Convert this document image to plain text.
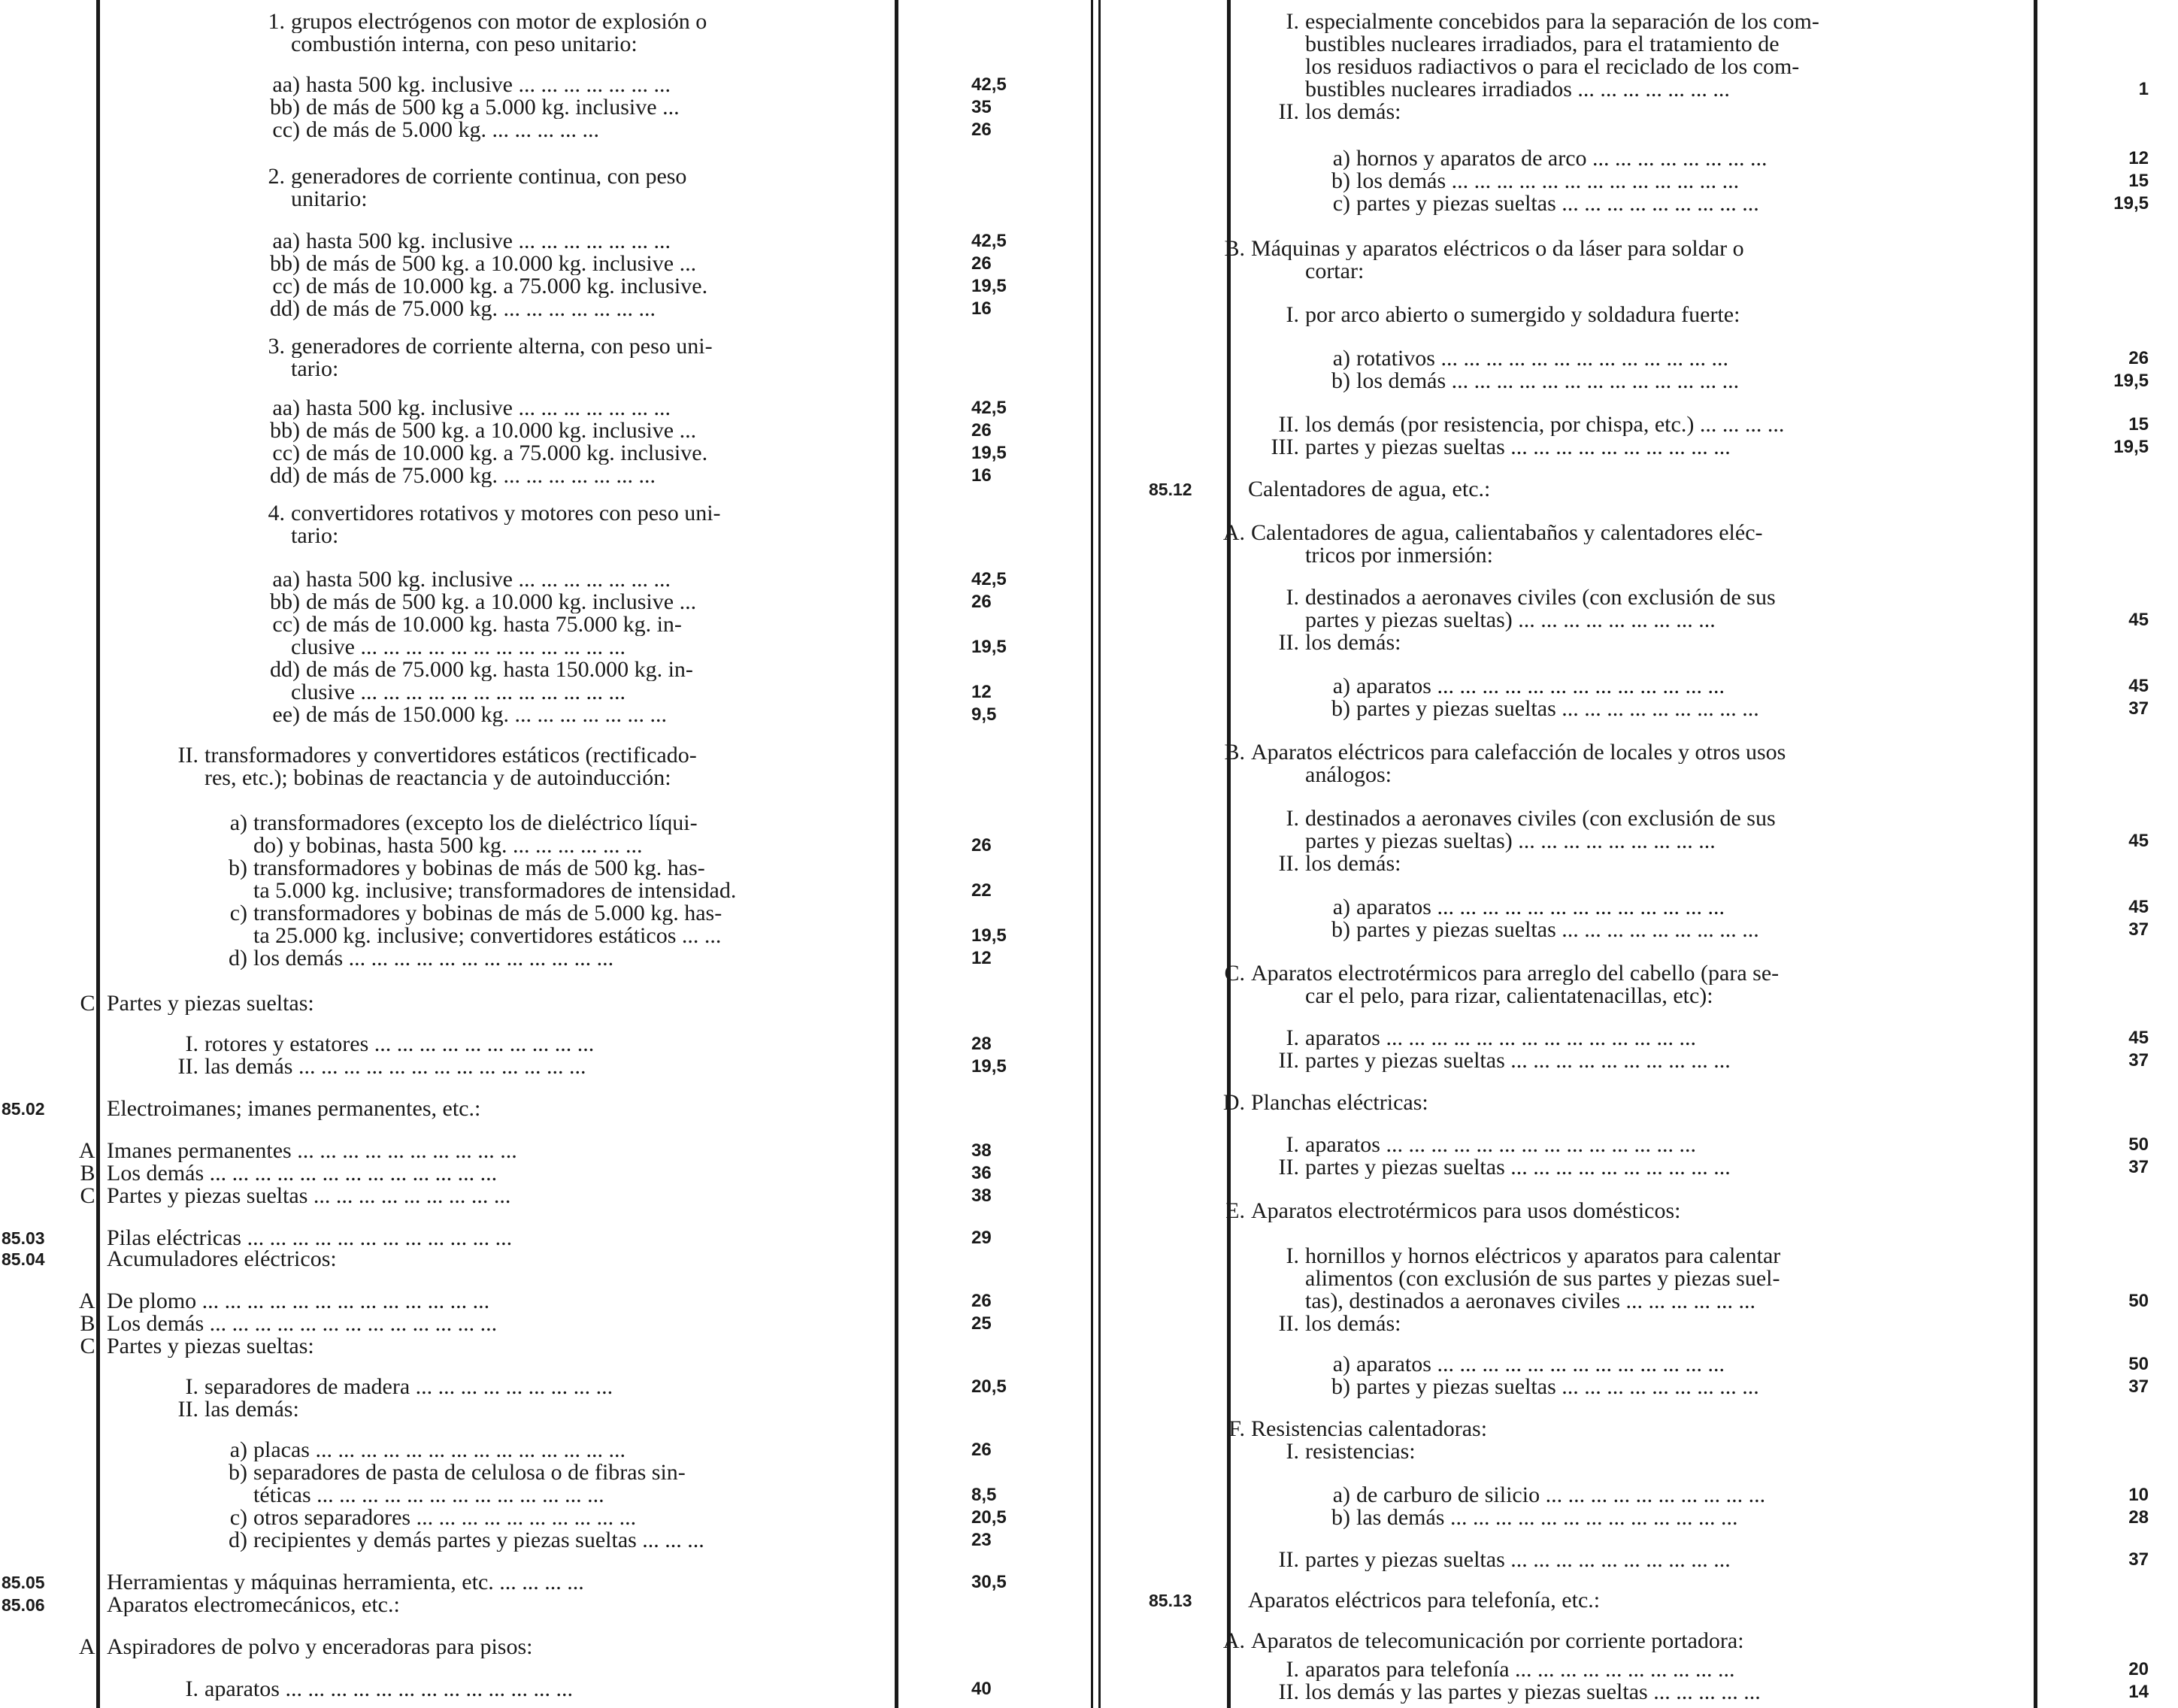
1. grupos electrógenos con motor de explosión o
combustión interna, con peso unitario:
aa) hasta 500 kg. inclusive ... ... ... ... ... ... ...	42,5
bb) de más de 500 kg a 5.000 kg. inclusive ...	35
cc) de más de 5.000 kg. ... ... ... ... ...	26
2. generadores de corriente continua, con peso
unitario:
aa) hasta 500 kg. inclusive ... ... ... ... ... ... ...	42,5
bb) de más de 500 kg. a 10.000 kg. inclusive ...	26
cc) de más de 10.000 kg. a 75.000 kg. inclusive.	19,5
dd) de más de 75.000 kg. ... ... ... ... ... ... ...	16
3. generadores de corriente alterna, con peso uni-
tario:
aa) hasta 500 kg. inclusive ... ... ... ... ... ... ...	42,5
bb) de más de 500 kg. a 10.000 kg. inclusive ...	26
cc) de más de 10.000 kg. a 75.000 kg. inclusive.	19,5
dd) de más de 75.000 kg. ... ... ... ... ... ... ...	16
4. convertidores rotativos y motores con peso uni-
tario:
aa) hasta 500 kg. inclusive ... ... ... ... ... ... ...	42,5
bb) de más de 500 kg. a 10.000 kg. inclusive ...	26
cc) de más de 10.000 kg. hasta 75.000 kg. in-
clusive ... ... ... ... ... ... ... ... ... ... ... ...	19,5
dd) de más de 75.000 kg. hasta 150.000 kg. in-
clusive ... ... ... ... ... ... ... ... ... ... ... ...	12
ee) de más de 150.000 kg. ... ... ... ... ... ... ...	9,5
II. transformadores y convertidores estáticos (rectificado-
res, etc.); bobinas de reactancia y de autoinducción:
a) transformadores (excepto los de dieléctrico líqui-
do) y bobinas, hasta 500 kg. ... ... ... ... ... ...	26
b) transformadores y bobinas de más de 500 kg. has-
ta 5.000 kg. inclusive; transformadores de intensidad.	22
c) transformadores y bobinas de más de 5.000 kg. has-
ta 25.000 kg. inclusive; convertidores estáticos ... ...	19,5
d) los demás ... ... ... ... ... ... ... ... ... ... ... ...	12
C. Partes y piezas sueltas:
I. rotores y estatores ... ... ... ... ... ... ... ... ... ...	28
II. las demás ... ... ... ... ... ... ... ... ... ... ... ... ...	19,5
85.02	Electroimanes; imanes permanentes, etc.:
A. Imanes permanentes ... ... ... ... ... ... ... ... ... ...	38
B. Los demás ... ... ... ... ... ... ... ... ... ... ... ... ...	36
C. Partes y piezas sueltas ... ... ... ... ... ... ... ... ...	38
85.03	Pilas eléctricas ... ... ... ... ... ... ... ... ... ... ... ...	29
85.04	Acumuladores eléctricos:
A. De plomo ... ... ... ... ... ... ... ... ... ... ... ... ...	26
B. Los demás ... ... ... ... ... ... ... ... ... ... ... ... ...	25
C. Partes y piezas sueltas:
I. separadores de madera ... ... ... ... ... ... ... ... ...	20,5
II. las demás:
a) placas ... ... ... ... ... ... ... ... ... ... ... ... ... ...	26
b) separadores de pasta de celulosa o de fibras sin-
téticas ... ... ... ... ... ... ... ... ... ... ... ... ...	8,5
c) otros separadores ... ... ... ... ... ... ... ... ... ...	20,5
d) recipientes y demás partes y piezas sueltas ... ... ...	23
85.05	Herramientas y máquinas herramienta, etc. ... ... ... ...	30,5
85.06	Aparatos electromecánicos, etc.:
A. Aspiradores de polvo y enceradoras para pisos:
I. aparatos ... ... ... ... ... ... ... ... ... ... ... ... ...	40
I. especialmente concebidos para la separación de los com-
bustibles nucleares irradiados, para el tratamiento de
los residuos radiactivos o para el reciclado de los com-
bustibles nucleares irradiados ... ... ... ... ... ... ...	1
II. los demás:
a) hornos y aparatos de arco ... ... ... ... ... ... ... ...	12
b) los demás ... ... ... ... ... ... ... ... ... ... ... ... ...	15
c) partes y piezas sueltas ... ... ... ... ... ... ... ... ...	19,5
B. Máquinas y aparatos eléctricos o da láser para soldar o
cortar:
I. por arco abierto o sumergido y soldadura fuerte:
a) rotativos ... ... ... ... ... ... ... ... ... ... ... ... ...	26
b) los demás ... ... ... ... ... ... ... ... ... ... ... ... ...	19,5
II. los demás (por resistencia, por chispa, etc.) ... ... ... ...	15
III. partes y piezas sueltas ... ... ... ... ... ... ... ... ... ...	19,5
85.12 Calentadores de agua, etc.:
A. Calentadores de agua, calientabaños y calentadores eléc-
tricos por inmersión:
I. destinados a aeronaves civiles (con exclusión de sus
partes y piezas sueltas) ... ... ... ... ... ... ... ... ...	45
II. los demás:
a) aparatos ... ... ... ... ... ... ... ... ... ... ... ... ...	45
b) partes y piezas sueltas ... ... ... ... ... ... ... ... ...	37
B. Aparatos eléctricos para calefacción de locales y otros usos
análogos:
I. destinados a aeronaves civiles (con exclusión de sus
partes y piezas sueltas) ... ... ... ... ... ... ... ... ...	45
II. los demás:
a) aparatos ... ... ... ... ... ... ... ... ... ... ... ... ...	45
b) partes y piezas sueltas ... ... ... ... ... ... ... ... ...	37
C. Aparatos electrotérmicos para arreglo del cabello (para se-
car el pelo, para rizar, calientatenacillas, etc):
I. aparatos ... ... ... ... ... ... ... ... ... ... ... ... ... ...	45
II. partes y piezas sueltas ... ... ... ... ... ... ... ... ... ...	37
D. Planchas eléctricas:
I. aparatos ... ... ... ... ... ... ... ... ... ... ... ... ... ...	50
II. partes y piezas sueltas ... ... ... ... ... ... ... ... ... ...	37
E. Aparatos electrotérmicos para usos domésticos:
I. hornillos y hornos eléctricos y aparatos para calentar
alimentos (con exclusión de sus partes y piezas suel-
tas), destinados a aeronaves civiles ... ... ... ... ... ...	50
II. los demás:
a) aparatos ... ... ... ... ... ... ... ... ... ... ... ... ...	50
b) partes y piezas sueltas ... ... ... ... ... ... ... ... ...	37
F. Resistencias calentadoras:
I. resistencias:
a) de carburo de silicio ... ... ... ... ... ... ... ... ... ...	10
b) las demás ... ... ... ... ... ... ... ... ... ... ... ... ...	28
II. partes y piezas sueltas ... ... ... ... ... ... ... ... ... ...	37
85.13 Aparatos eléctricos para telefonía, etc.:
A. Aparatos de telecomunicación por corriente portadora:
I. aparatos para telefonía ... ... ... ... ... ... ... ... ... ...	20
II. los demás y las partes y piezas sueltas ... ... ... ... ...	14
